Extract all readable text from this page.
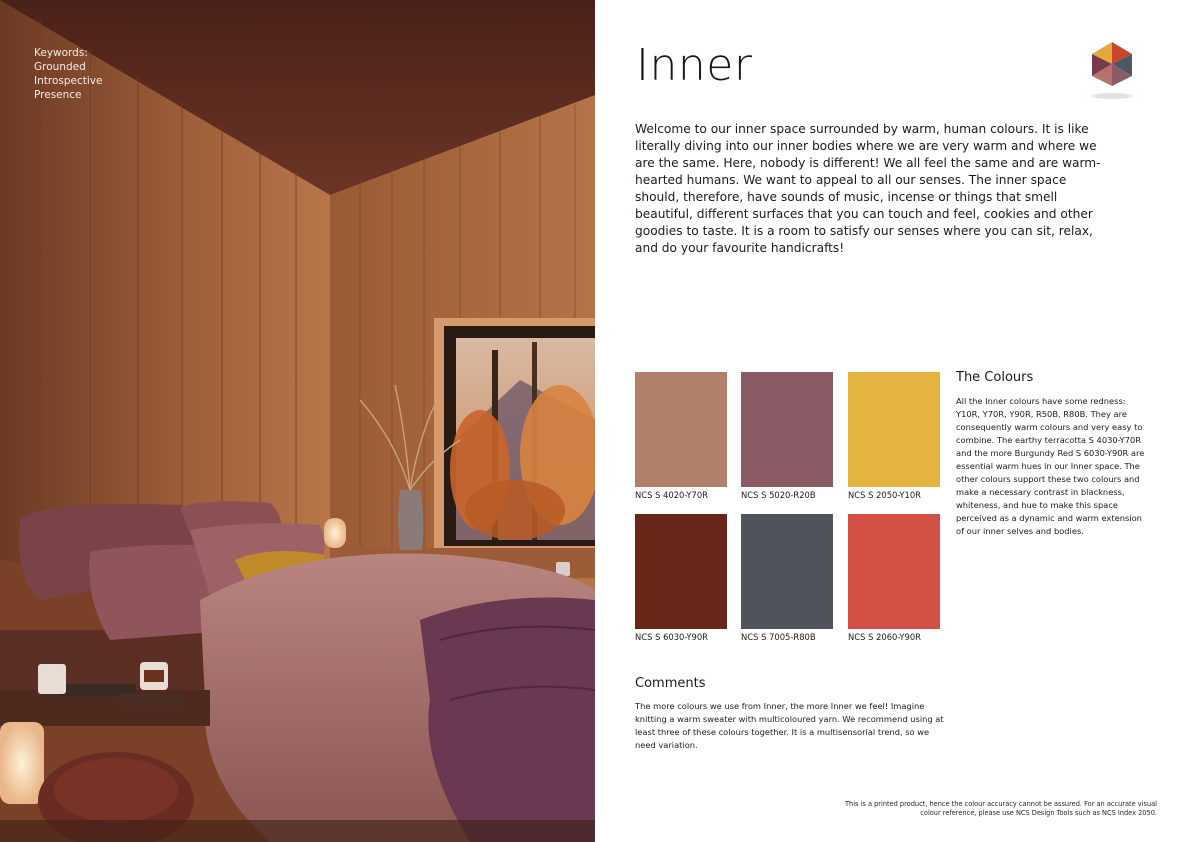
Keywords:
Grounded
Introspective
Presence
Inner

Welcome to our inner space surrounded by warm, human colours. It is like literally diving into our inner bodies where we are very warm and where we are the same. Here, nobody is different! We all feel the same and are warm-hearted humans. We want to appeal to all our senses. The inner space should, therefore, have sounds of music, incense or things that smell beautiful, different surfaces that you can touch and feel, cookies and other goodies to taste. It is a room to satisfy our senses where you can sit, relax, and do your favourite handicrafts!

NCS S 4020-Y70R	NCS S 5020-R20B	NCS S 2050-Y10R
NCS S 6030-Y90R	NCS S 7005-R80B	NCS S 2060-Y90R
The Colours

All the Inner colours have some redness: Y10R, Y70R, Y90R, R50B, R80B. They are consequently warm colours and very easy to combine. The earthy terracotta S 4030-Y70R and the more Burgundy Red S 6030-Y90R are essential warm hues in our Inner space. The other colours support these two colours and make a necessary contrast in blackness, whiteness, and hue to make this space perceived as a dynamic and warm extension of our inner selves and bodies.

Comments

The more colours we use from Inner, the more Inner we feel! Imagine knitting a warm sweater with multicoloured yarn. We recommend using at least three of these colours together. It is a multisensorial trend, so we need variation.

This is a printed product, hence the colour accuracy cannot be assured. For an accurate visual colour reference, please use NCS Design Tools such as NCS Index 2050.
